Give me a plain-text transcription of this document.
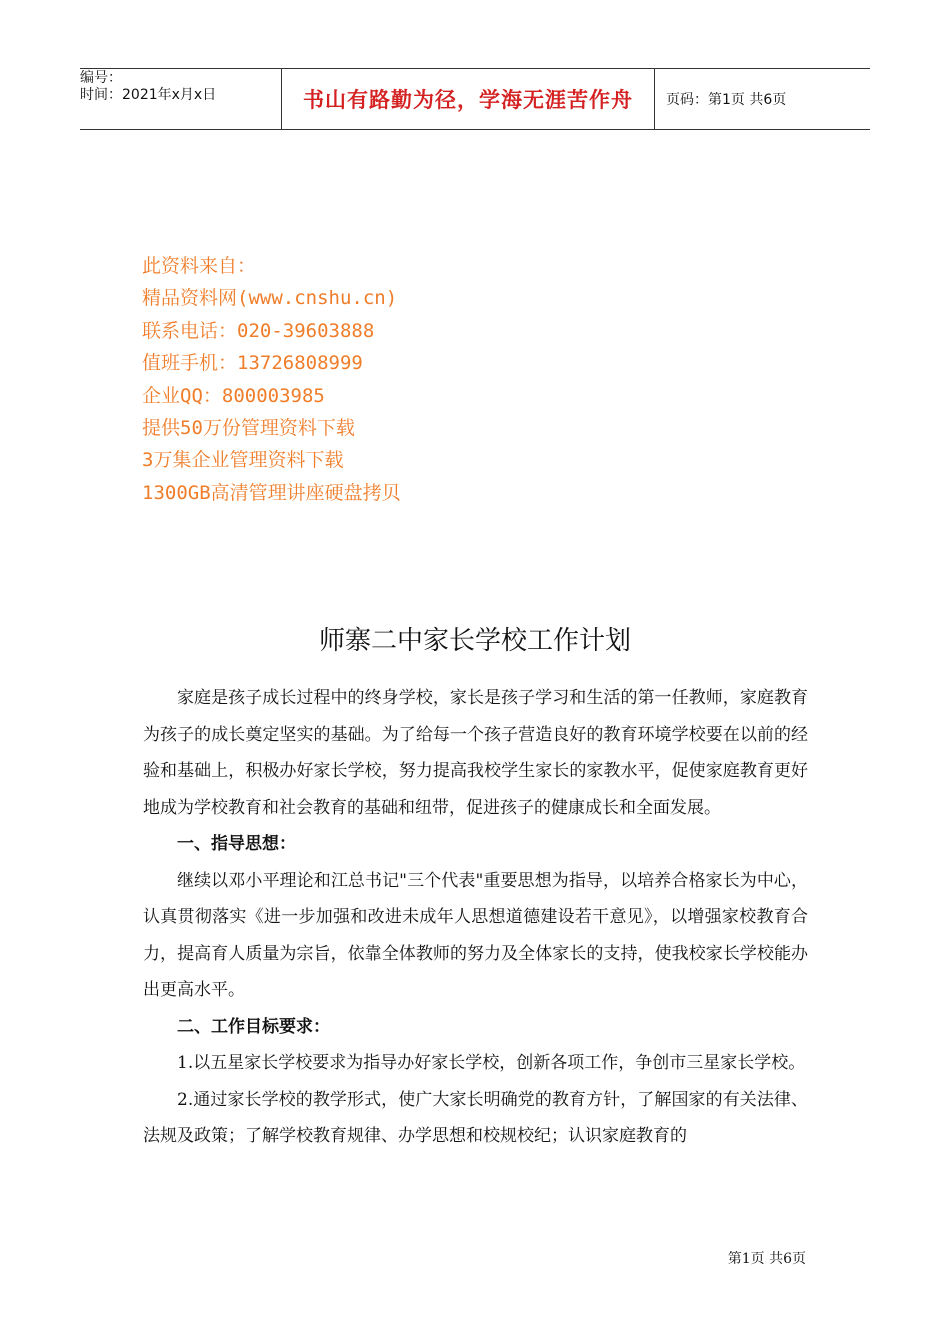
编号：
时间：2021年x月x日	书山有路勤为径，学海无涯苦作舟	页码：第1页 共6页
此资料来自：
精品资料网(www.cnshu.cn)
联系电话：020-39603888
值班手机：13726808999
企业QQ：800003985
提供50万份管理资料下载
3万集企业管理资料下载
1300GB高清管理讲座硬盘拷贝
师寨二中家长学校工作计划

家庭是孩子成长过程中的终身学校，家长是孩子学习和生活的第一任教师，家庭教育为孩子的成长奠定坚实的基础。为了给每一个孩子营造良好的教育环境学校要在以前的经验和基础上，积极办好家长学校，努力提高我校学生家长的家教水平，促使家庭教育更好地成为学校教育和社会教育的基础和纽带，促进孩子的健康成长和全面发展。

一、指导思想：

继续以邓小平理论和江总书记"三个代表"重要思想为指导，以培养合格家长为中心，认真贯彻落实《进一步加强和改进未成年人思想道德建设若干意见》，以增强家校教育合力，提高育人质量为宗旨，依靠全体教师的努力及全体家长的支持，使我校家长学校能办出更高水平。

二、工作目标要求：

1.以五星家长学校要求为指导办好家长学校，创新各项工作，争创市三星家长学校。

2.通过家长学校的教学形式，使广大家长明确党的教育方针，了解国家的有关法律、法规及政策；了解学校教育规律、办学思想和校规校纪；认识家庭教育的

第1页 共6页
